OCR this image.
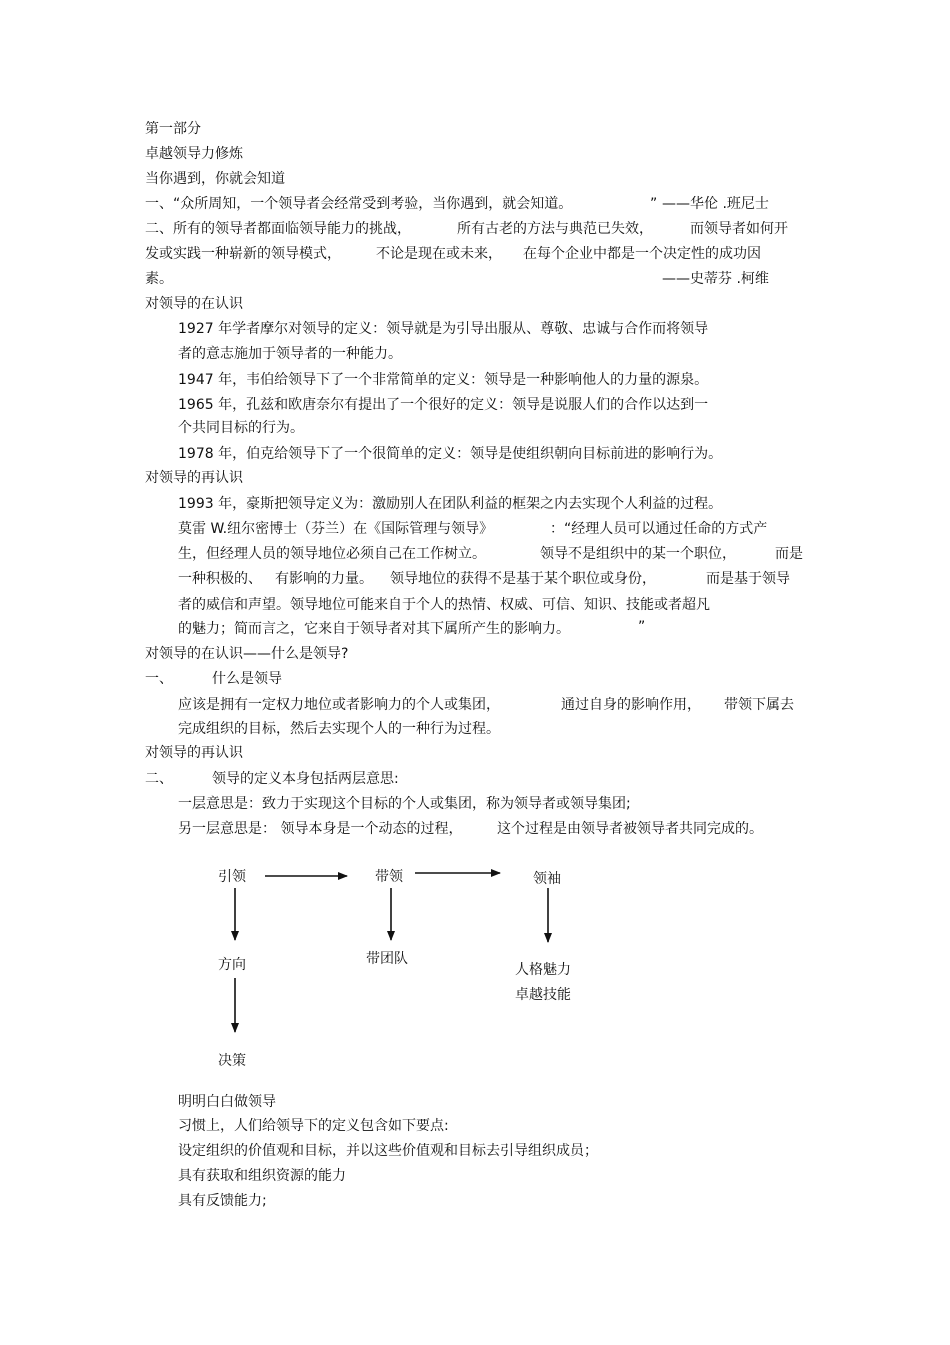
第一部分

卓越领导力修炼

当你遇到，你就会知道

一、“众所周知，一个领导者会经常受到考验，当你遇到，就会知道。	” ——华伦 .班尼士

二、所有的领导者都面临领导能力的挑战，	所有古老的方法与典范已失效，	而领导者如何开

发或实践一种崭新的领导模式，	不论是现在或未来， 在每个企业中都是一个决定性的成功因

素。	——史蒂芬 .柯维

对领导的在认识

1927 年学者摩尔对领导的定义：领导就是为引导出服从、尊敬、忠诚与合作而将领导

者的意志施加于领导者的一种能力。

1947 年，韦伯给领导下了一个非常简单的定义：领导是一种影响他人的力量的源泉。

1965 年，孔兹和欧唐奈尔有提出了一个很好的定义：领导是说服人们的合作以达到一

个共同目标的行为。

1978 年，伯克给领导下了一个很简单的定义：领导是使组织朝向目标前进的影响行为。

对领导的再认识

1993 年，豪斯把领导定义为：激励别人在团队利益的框架之内去实现个人利益的过程。

莫雷 W.纽尔密博士（芬兰）在《国际管理与领导》	：“经理人员可以通过任命的方式产

生，但经理人员的领导地位必须自己在工作树立。	领导不是组织中的某一个职位，	而是

一种积极的、 有影响的力量。 领导地位的获得不是基于某个职位或身份，	而是基于领导

者的威信和声望。领导地位可能来自于个人的热情、权威、可信、知识、技能或者超凡

的魅力；简而言之，它来自于领导者对其下属所产生的影响力。	”

对领导的在认识——什么是领导?

一、	什么是领导

应该是拥有一定权力地位或者影响力的个人或集团，	通过自身的影响作用， 带领下属去

完成组织的目标，然后去实现个人的一种行为过程。

对领导的再认识

二、	领导的定义本身包括两层意思:

一层意思是：致力于实现这个目标的个人或集团，称为领导者或领导集团;

另一层意思是： 领导本身是一个动态的过程， 这个过程是由领导者被领导者共同完成的。

引领	带领	领袖
方向	带团队
人格魅力
卓越技能
决策

明明白白做领导

习惯上，人们给领导下的定义包含如下要点:

设定组织的价值观和目标，并以这些价值观和目标去引导组织成员；

具有获取和组织资源的能力

具有反馈能力;
